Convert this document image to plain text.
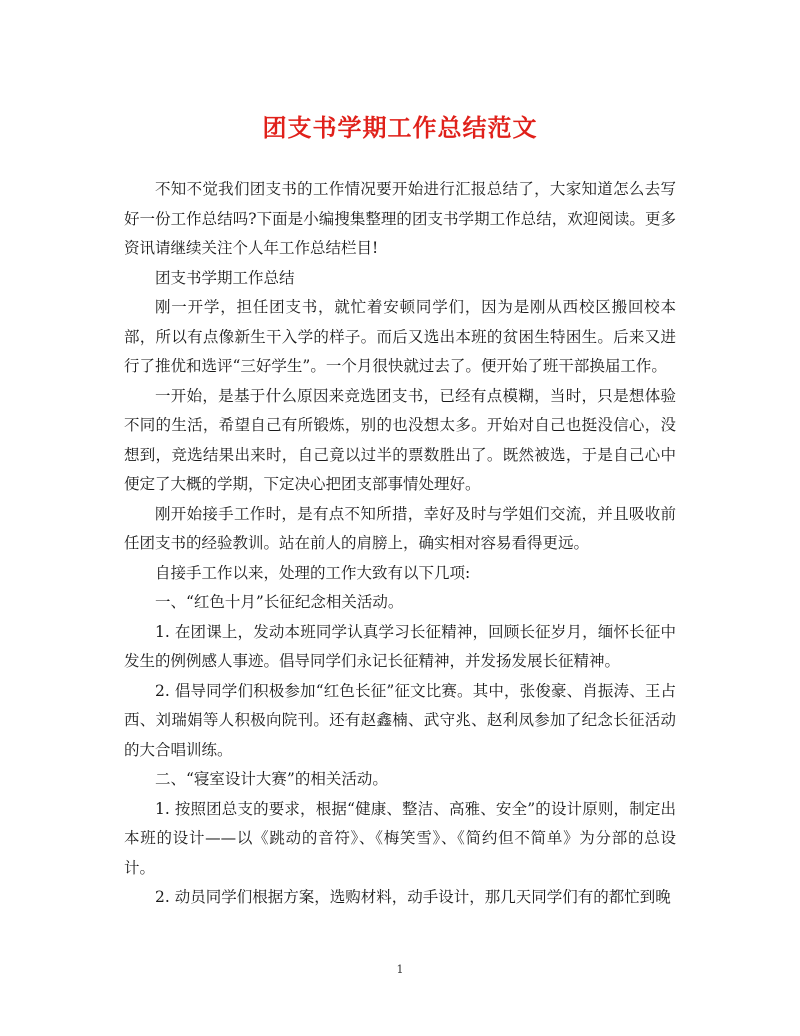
团支书学期工作总结范文

不知不觉我们团支书的工作情况要开始进行汇报总结了，大家知道怎么去写好一份工作总结吗?下面是小编搜集整理的团支书学期工作总结，欢迎阅读。更多资讯请继续关注个人年工作总结栏目!

团支书学期工作总结

刚一开学，担任团支书，就忙着安顿同学们，因为是刚从西校区搬回校本部，所以有点像新生干入学的样子。而后又选出本班的贫困生特困生。后来又进行了推优和选评“三好学生”。一个月很快就过去了。便开始了班干部换届工作。

一开始，是基于什么原因来竞选团支书，已经有点模糊，当时，只是想体验不同的生活，希望自己有所锻炼，别的也没想太多。开始对自己也挺没信心，没想到，竞选结果出来时，自己竟以过半的票数胜出了。既然被选，于是自己心中便定了大概的学期，下定决心把团支部事情处理好。

刚开始接手工作时，是有点不知所措，幸好及时与学姐们交流，并且吸收前任团支书的经验教训。站在前人的肩膀上，确实相对容易看得更远。

自接手工作以来，处理的工作大致有以下几项:

一、“红色十月”长征纪念相关活动。

1. 在团课上，发动本班同学认真学习长征精神，回顾长征岁月，缅怀长征中发生的例例感人事迹。倡导同学们永记长征精神，并发扬发展长征精神。

2. 倡导同学们积极参加“红色长征”征文比赛。其中，张俊豪、肖振涛、王占西、刘瑞娟等人积极向院刊。还有赵鑫楠、武守兆、赵利凤参加了纪念长征活动的大合唱训练。

二、“寝室设计大赛”的相关活动。

1. 按照团总支的要求，根据“健康、整洁、高雅、安全”的设计原则，制定出本班的设计——以《跳动的音符》、《梅笑雪》、《简约但不简单》为分部的总设计。

2. 动员同学们根据方案，选购材料，动手设计，那几天同学们有的都忙到晚

1
